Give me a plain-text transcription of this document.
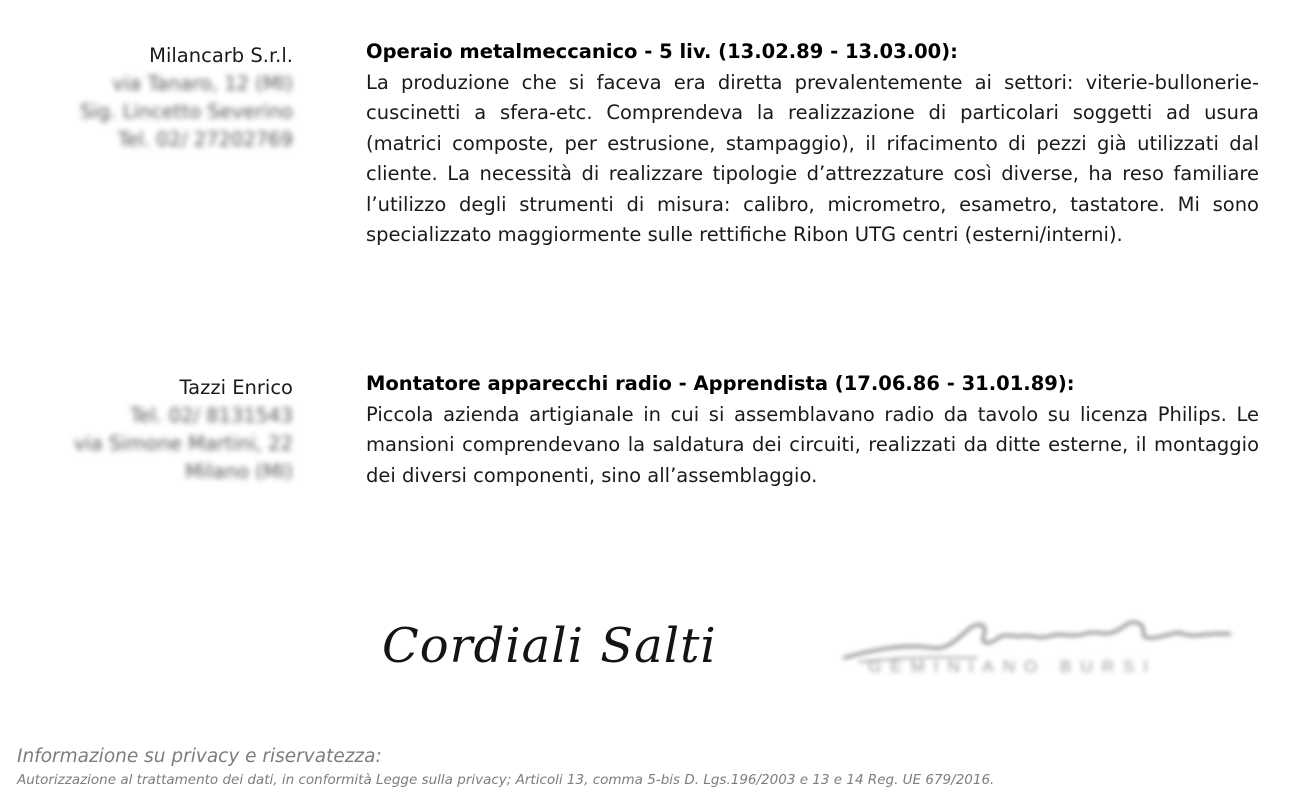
Milancarb S.r.l.
via Tanaro, 12 (MI)
Sig. Lincetto Severino
Tel. 02/ 27202769
Operaio metalmeccanico - 5 liv. (13.02.89 - 13.03.00):
La produzione che si faceva era diretta prevalentemente ai settori: viterie-bullonerie- cuscinetti a sfera-etc. Comprendeva la realizzazione di particolari soggetti ad usura (matrici composte, per estrusione, stampaggio), il rifacimento di pezzi già utilizzati dal cliente. La necessità di realizzare tipologie d’attrezzature così diverse, ha reso familiare l’utilizzo degli strumenti di misura: calibro, micrometro, esametro, tastatore. Mi sono specializzato maggiormente sulle rettifiche Ribon UTG centri (esterni/interni).
Tazzi Enrico
Tel. 02/ 8131543
via Simone Martini, 22
Milano (MI)
Montatore apparecchi radio - Apprendista (17.06.86 - 31.01.89):
Piccola azienda artigianale in cui si assemblavano radio da tavolo su licenza Philips. Le mansioni comprendevano la saldatura dei circuiti, realizzati da ditte esterne, il montaggio dei diversi componenti, sino all’assemblaggio.
Cordiali Salti	GEMINIANO BURSI
Informazione su privacy e riservatezza:
Autorizzazione al trattamento dei dati, in conformità Legge sulla privacy; Articoli 13, comma 5-bis D. Lgs.196/2003 e 13 e 14 Reg. UE 679/2016.
